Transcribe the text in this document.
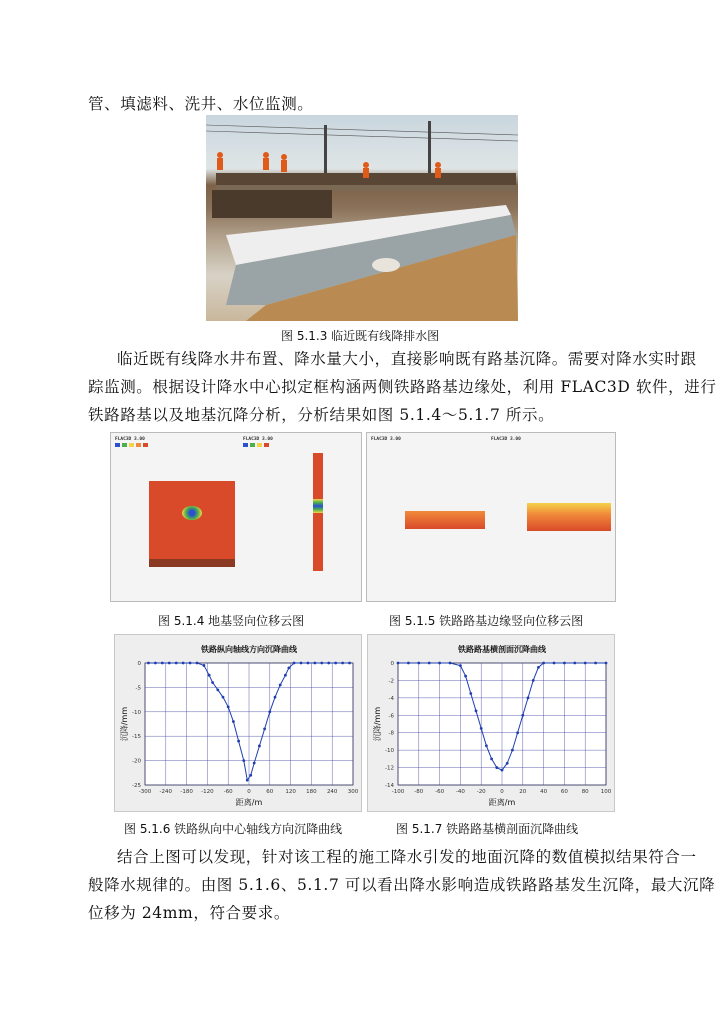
管、填滤料、洗井、水位监测。
图 5.1.3 临近既有线降排水图
临近既有线降水井布置、降水量大小，直接影响既有路基沉降。需要对降水实时跟
踪监测。根据设计降水中心拟定框构涵两侧铁路路基边缘处，利用 FLAC3D 软件，进行
铁路路基以及地基沉降分析，分析结果如图 5.1.4～5.1.7 所示。
FLAC3D 3.00	FLAC3D 3.00	FLAC3D 3.00	FLAC3D 3.00
图 5.1.4 地基竖向位移云图	图 5.1.5 铁路路基边缘竖向位移云图
-300 -240 -180 -120 -60	0	60 120 180 240 300
0
-5
-10
-15
-20
-25
铁路纵向轴线方向沉降曲线
距离/m
沉降/mm
-100 -80 -60 -40 -20	0	20	40	60	80 100
0
-2
-4
-6
-8
-10
-12
-14
铁路路基横剖面沉降曲线
距离/m
沉降/mm
图 5.1.6 铁路纵向中心轴线方向沉降曲线	图 5.1.7 铁路路基横剖面沉降曲线
结合上图可以发现，针对该工程的施工降水引发的地面沉降的数值模拟结果符合一
般降水规律的。由图 5.1.6、5.1.7 可以看出降水影响造成铁路路基发生沉降，最大沉降
位移为 24mm，符合要求。
